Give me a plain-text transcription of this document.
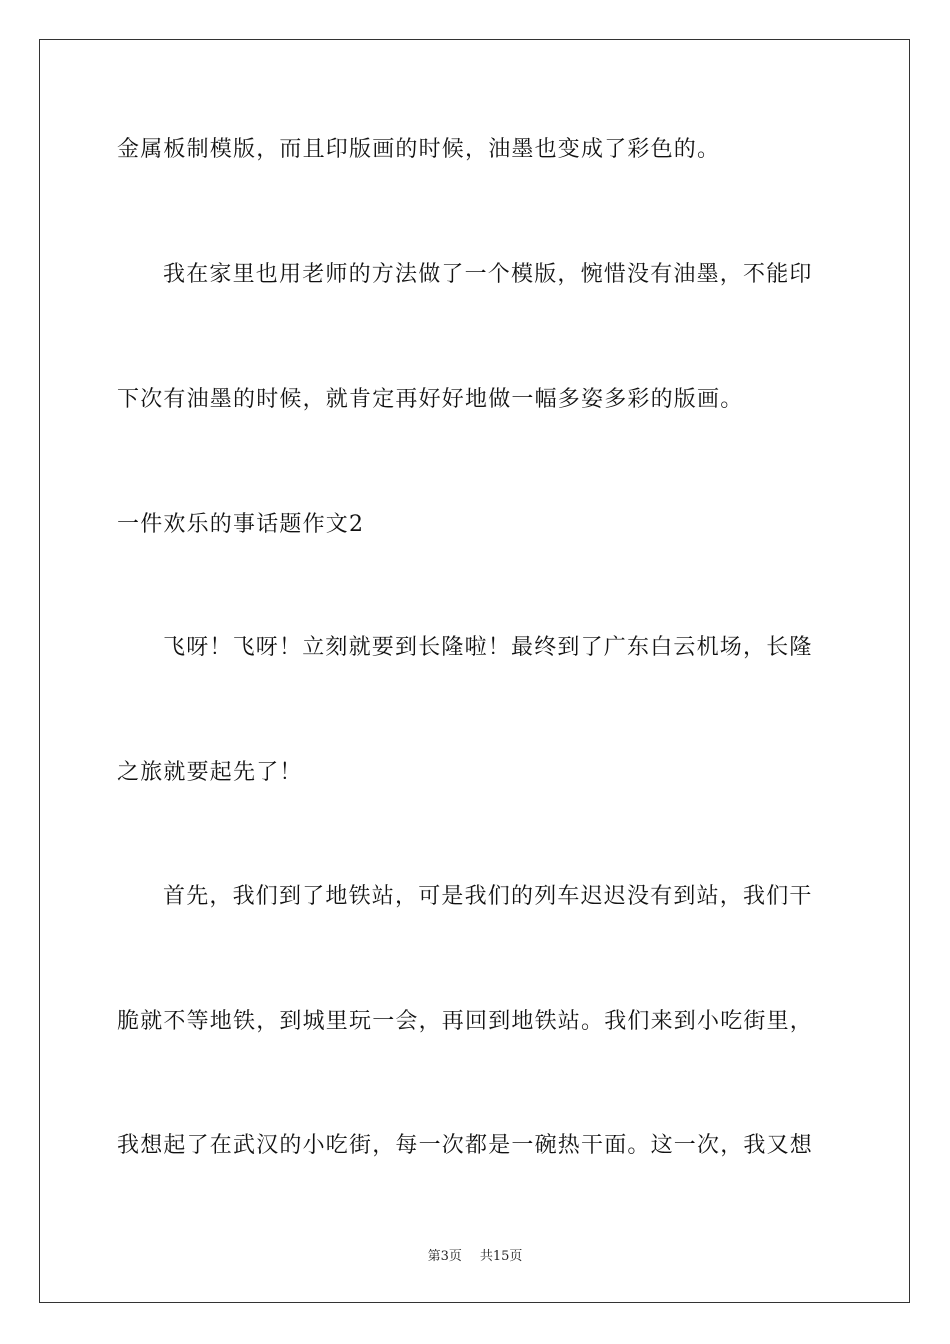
金属板制模版，而且印版画的时候，油墨也变成了彩色的。
我在家里也用老师的方法做了一个模版，惋惜没有油墨，不能印
下次有油墨的时候，就肯定再好好地做一幅多姿多彩的版画。
一件欢乐的事话题作文2
飞呀！飞呀！立刻就要到长隆啦！最终到了广东白云机场，长隆
之旅就要起先了！
首先，我们到了地铁站，可是我们的列车迟迟没有到站，我们干
脆就不等地铁，到城里玩一会，再回到地铁站。我们来到小吃街里，
我想起了在武汉的小吃街，每一次都是一碗热干面。这一次，我又想
第3页 共15页
